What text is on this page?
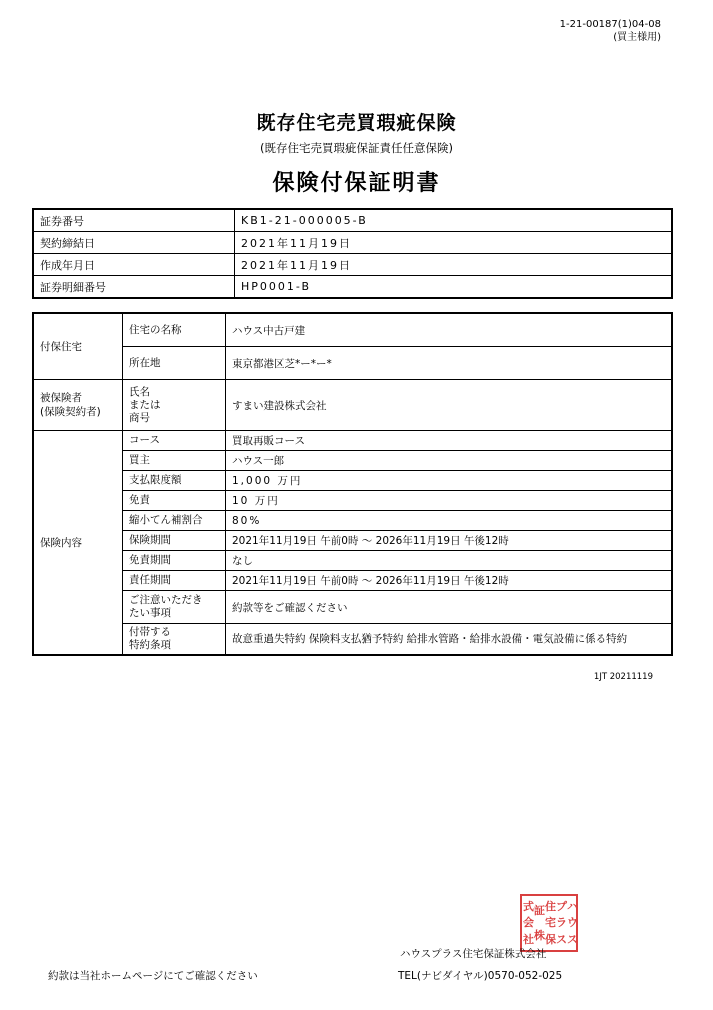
1-21-00187(1)04-08
(買主様用)
既存住宅売買瑕疵保険
(既存住宅売買瑕疵保証責任任意保険)
保険付保証明書
証券番号	KB1-21-000005-B
契約締結日	2021年11月19日
作成年月日	2021年11月19日
証券明細番号	HP0001-B
付保住宅	住宅の名称	ハウス中古戸建
	所在地	東京都港区芝*ー*ー*
被保険者
(保険契約者)	氏名
または
商号	すまい建設株式会社
保険内容	コース	買取再販コース
	買主	ハウス一郎
	支払限度額	1,000 万円
	免責	10 万円
	縮小てん補割合	80%
	保険期間	2021年11月19日 午前0時 〜 2026年11月19日 午後12時
	免責期間	なし
	責任期間	2021年11月19日 午前0時 〜 2026年11月19日 午後12時
	ご注意いただき
たい事項	約款等をご確認ください
	付帯する
特約条項	故意重過失特約 保険料支払猶予特約 給排水管路・給排水設備・電気設備に係る特約
1JT 20211119
ハ
ウ
ス
プ
ラ
ス
住
宅
保
証
株
式
会
社
ハウスプラス住宅保証株式会社
TEL(ナビダイヤル)0570-052-025
約款は当社ホームページにてご確認ください
